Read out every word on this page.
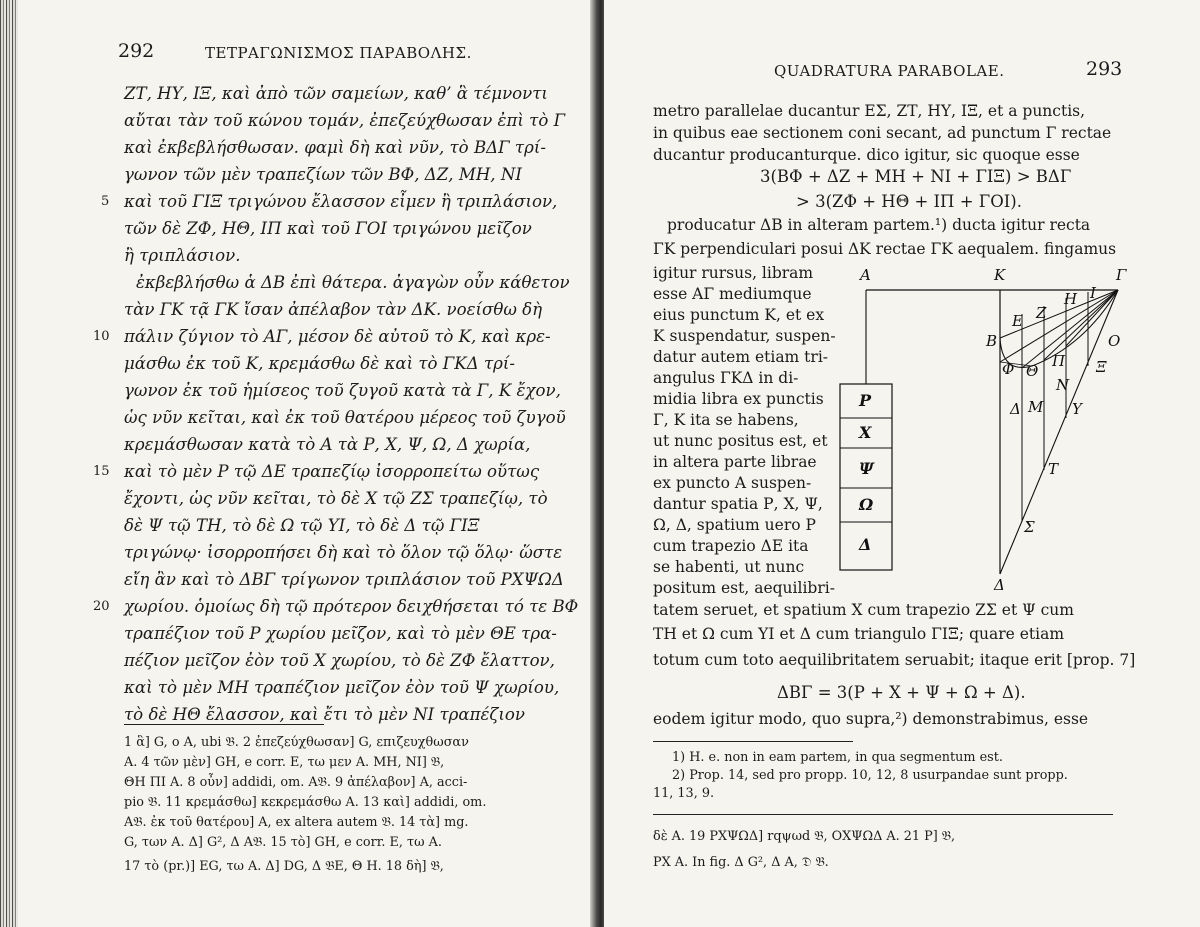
292	ΤΕΤΡΑΓΩΝΙΣΜΟΣ ΠΑΡΑΒΟΛΗΣ.
ΖΤ, ΗΥ, ΙΞ, καὶ ἀπὸ τῶν σαμείων, καθ’ ἃ τέμνοντι
αὔται τὰν τοῦ κώνου τομάν, ἐπεζεύχθωσαν ἐπὶ τὸ Γ
καὶ ἐκβεβλήσθωσαν. φαμὶ δὴ καὶ νῦν, τὸ ΒΔΓ τρί-
γωνον τῶν μὲν τραπεζίων τῶν ΒΦ, ΔΖ, ΜΗ, ΝΙ
καὶ τοῦ ΓΙΞ τριγώνου ἔλασσον εἶμεν ἢ τριπλάσιον,
τῶν δὲ ΖΦ, ΗΘ, ΙΠ καὶ τοῦ ΓΟΙ τριγώνου μεῖζον
ἢ τριπλάσιον.
ἐκβεβλήσθω ἁ ΔΒ ἐπὶ θάτερα. ἀγαγὼν οὖν κάθετον
τὰν ΓΚ τᾷ ΓΚ ἴσαν ἀπέλαβον τὰν ΔΚ. νοείσθω δὴ
πάλιν ζύγιον τὸ ΑΓ, μέσον δὲ αὐτοῦ τὸ Κ, καὶ κρε-
μάσθω ἐκ τοῦ Κ, κρεμάσθω δὲ καὶ τὸ ΓΚΔ τρί-
γωνον ἐκ τοῦ ἡμίσεος τοῦ ζυγοῦ κατὰ τὰ Γ, Κ ἔχον,
ὡς νῦν κεῖται, καὶ ἐκ τοῦ θατέρου μέρεος τοῦ ζυγοῦ
κρεμάσθωσαν κατὰ τὸ Α τὰ Ρ, Χ, Ψ, Ω, Δ χωρία,
καὶ τὸ μὲν Ρ τῷ ΔΕ τραπεζίῳ ἰσορροπείτω οὕτως
ἔχοντι, ὡς νῦν κεῖται, τὸ δὲ Χ τῷ ΖΣ τραπεζίῳ, τὸ
δὲ Ψ τῷ ΤΗ, τὸ δὲ Ω τῷ ΥΙ, τὸ δὲ Δ τῷ ΓΙΞ
τριγώνῳ· ἰσορροπήσει δὴ καὶ τὸ ὅλον τῷ ὅλῳ· ὥστε
εἴη ἂν καὶ τὸ ΔΒΓ τρίγωνον τριπλάσιον τοῦ ΡΧΨΩΔ
χωρίου. ὁμοίως δὴ τῷ πρότερον δειχθήσεται τό τε ΒΦ
τραπέζιον τοῦ Ρ χωρίου μεῖζον, καὶ τὸ μὲν ΘΕ τρα-
πέζιον μεῖζον ἐὸν τοῦ Χ χωρίου, τὸ δὲ ΖΦ ἔλαττον,
καὶ τὸ μὲν ΜΗ τραπέζιον μεῖζον ἐὸν τοῦ Ψ χωρίου,
τὸ δὲ ΗΘ ἔλασσον, καὶ ἔτι τὸ μὲν ΝΙ τραπέζιον
5
10
15
20
1 ἃ] G, ο A, ubi 𝔅. 2 ἐπεζεύχθωσαν] G, επιζευχθωσαν
A. 4 τῶν μὲν] GH, e corr. E, τω μεν A. ΜΗ, ΝΙ] 𝔅,
ΘΗ ΠΙ A. 8 οὖν] addidi, om. A𝔅. 9 ἀπέλαβον] A, acci-
pio 𝔅. 11 κρεμάσθω] κεκρεμάσθω A. 13 καὶ] addidi, om.
A𝔅. ἐκ τοῦ θατέρου] A, ex altera autem 𝔅. 14 τὰ] mg.
G, των A. Δ] G², Δ A𝔅. 15 τὸ] GH, e corr. E, τω A.
17 τὸ (pr.)] EG, τω A. Δ] DG, Δ 𝔅E, Θ H. 18 δὴ] 𝔅,
QUADRATURA PARABOLAE.	293
metro parallelae ducantur ΕΣ, ΖΤ, ΗΥ, ΙΞ, et a punctis,
in quibus eae sectionem coni secant, ad punctum Γ rectae
ducantur producanturque. dico igitur, sic quoque esse
3(ΒΦ + ΔΖ + ΜΗ + ΝΙ + ΓΙΞ) > ΒΔΓ
> 3(ΖΦ + ΗΘ + ΙΠ + ΓΟΙ).
producatur ΔΒ in alteram partem.¹) ducta igitur recta
ΓΚ perpendiculari posui ΔΚ rectae ΓΚ aequalem. fingamus
igitur rursus, libram
esse ΑΓ mediumque
eius punctum Κ, et ex
Κ suspendatur, suspen-
datur autem etiam tri-
angulus ΓΚΔ in di-
midia libra ex punctis
Γ, Κ ita se habens,
ut nunc positus est, et
in altera parte librae
ex puncto Α suspen-
dantur spatia Ρ, Χ, Ψ,
Ω, Δ, spatium uero Ρ
cum trapezio ΔΕ ita
se habenti, ut nunc
positum est, aequilibri-
Ρ
Χ
Ψ
Ω
Δ
Α	Κ	Γ
Β
Ε Ζ
Η Ι
Ο
Ξ
Φ Θ
Π
Δ Μ
Ν
Υ
Τ
Σ
Δ
tatem seruet, et spatium Χ cum trapezio ΖΣ et Ψ cum
ΤΗ et Ω cum ΥΙ et Δ cum triangulo ΓΙΞ; quare etiam
totum cum toto aequilibritatem seruabit; itaque erit [prop. 7]
ΔΒΓ = 3(Ρ + Χ + Ψ + Ω + Δ).
eodem igitur modo, quo supra,²) demonstrabimus, esse
1) H. e. non in eam partem, in qua segmentum est.
2) Prop. 14, sed pro propp. 10, 12, 8 usurpandae sunt propp.
11, 13, 9.
δὲ A. 19 ΡΧΨΩΔ] rqψωd 𝔅, ΟΧΨΩΔ A. 21 Ρ] 𝔅,
ΡΧ A. In fig. Δ G², Δ A, 𝔇 𝔅.
